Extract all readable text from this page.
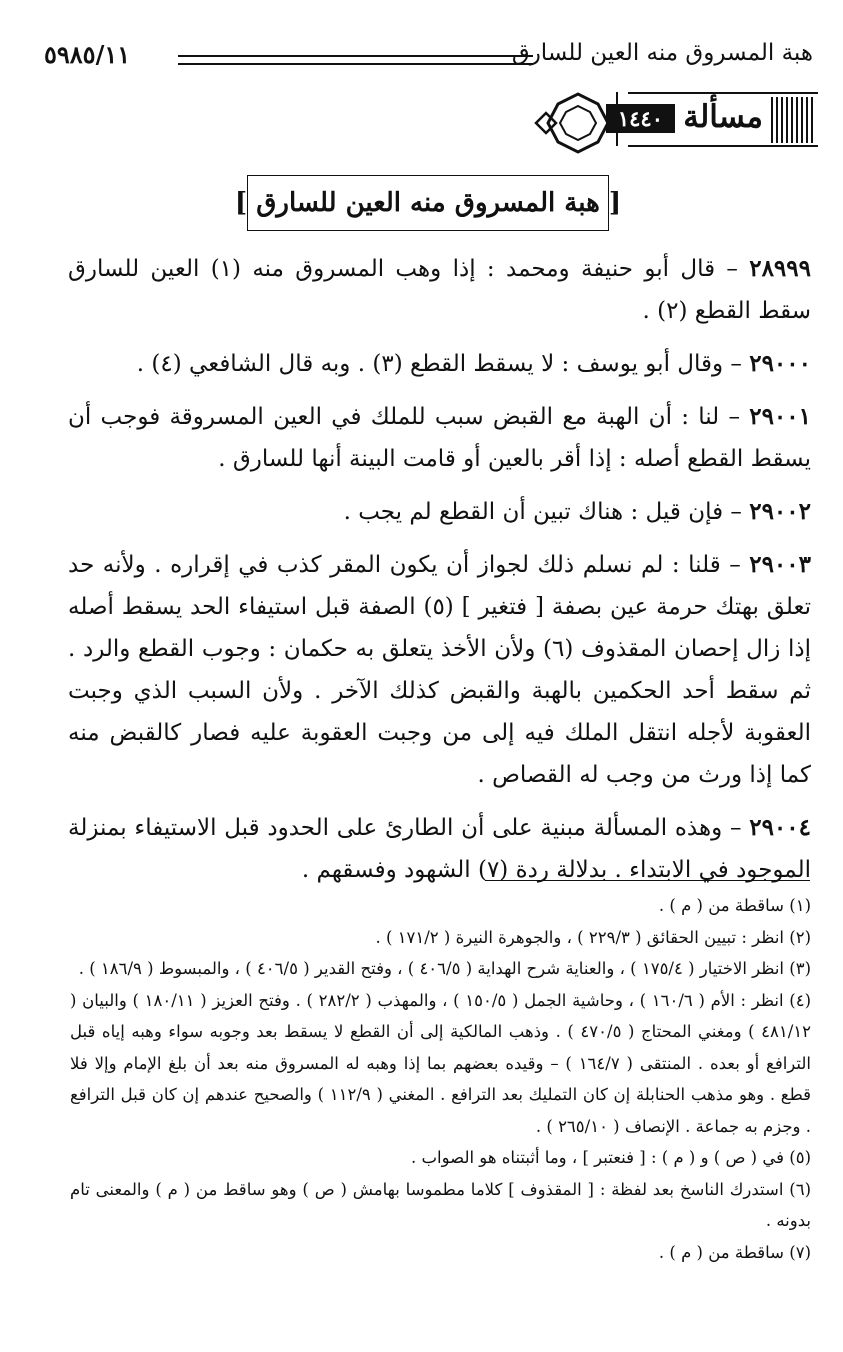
هبة المسروق منه العين للسارق
٥٩٨٥/١١
مسألة
١٤٤٠
[ هبة المسروق منه العين للسارق ]

٢٨٩٩٩ – قال أبو حنيفة ومحمد : إذا وهب المسروق منه (١) العين للسارق سقط القطع (٢) .

٢٩٠٠٠ – وقال أبو يوسف : لا يسقط القطع (٣) . وبه قال الشافعي (٤) .

٢٩٠٠١ – لنا : أن الهبة مع القبض سبب للملك في العين المسروقة فوجب أن يسقط القطع أصله : إذا أقر بالعين أو قامت البينة أنها للسارق .

٢٩٠٠٢ – فإن قيل : هناك تبين أن القطع لم يجب .

٢٩٠٠٣ – قلنا : لم نسلم ذلك لجواز أن يكون المقر كذب في إقراره . ولأنه حد تعلق بهتك حرمة عين بصفة [ فتغير ] (٥) الصفة قبل استيفاء الحد يسقط أصله إذا زال إحصان المقذوف (٦) ولأن الأخذ يتعلق به حكمان : وجوب القطع والرد . ثم سقط أحد الحكمين بالهبة والقبض كذلك الآخر . ولأن السبب الذي وجبت العقوبة لأجله انتقل الملك فيه إلى من وجبت العقوبة عليه فصار كالقبض منه كما إذا ورث من وجب له القصاص .

٢٩٠٠٤ – وهذه المسألة مبنية على أن الطارئ على الحدود قبل الاستيفاء بمنزلة الموجود في الابتداء . بدلالة ردة (٧) الشهود وفسقهم .

(١) ساقطة من ( م ) .

(٢) انظر : تبيين الحقائق ( ٢٢٩/٣ ) ، والجوهرة النيرة ( ١٧١/٢ ) .

(٣) انظر الاختيار ( ١٧٥/٤ ) ، والعناية شرح الهداية ( ٤٠٦/٥ ) ، وفتح القدير ( ٤٠٦/٥ ) ، والمبسوط ( ١٨٦/٩ ) .

(٤) انظر : الأم ( ١٦٠/٦ ) ، وحاشية الجمل ( ١٥٠/٥ ) ، والمهذب ( ٢٨٢/٢ ) . وفتح العزيز ( ١٨٠/١١ ) والبيان ( ٤٨١/١٢ ) ومغني المحتاج ( ٤٧٠/٥ ) . وذهب المالكية إلى أن القطع لا يسقط بعد وجوبه سواء وهبه إياه قبل الترافع أو بعده . المنتقى ( ١٦٤/٧ ) – وقيده بعضهم بما إذا وهبه له المسروق منه بعد أن بلغ الإمام وإلا فلا قطع . وهو مذهب الحنابلة إن كان التمليك بعد الترافع . المغني ( ١١٢/٩ ) والصحيح عندهم إن كان قبل الترافع . وجزم به جماعة . الإنصاف ( ٢٦٥/١٠ ) .

(٥) في ( ص ) و ( م ) : [ فنعتبر ] ، وما أثبتناه هو الصواب .

(٦) استدرك الناسخ بعد لفظة : [ المقذوف ] كلاما مطموسا بهامش ( ص ) وهو ساقط من ( م ) والمعنى تام بدونه .

(٧) ساقطة من ( م ) .
